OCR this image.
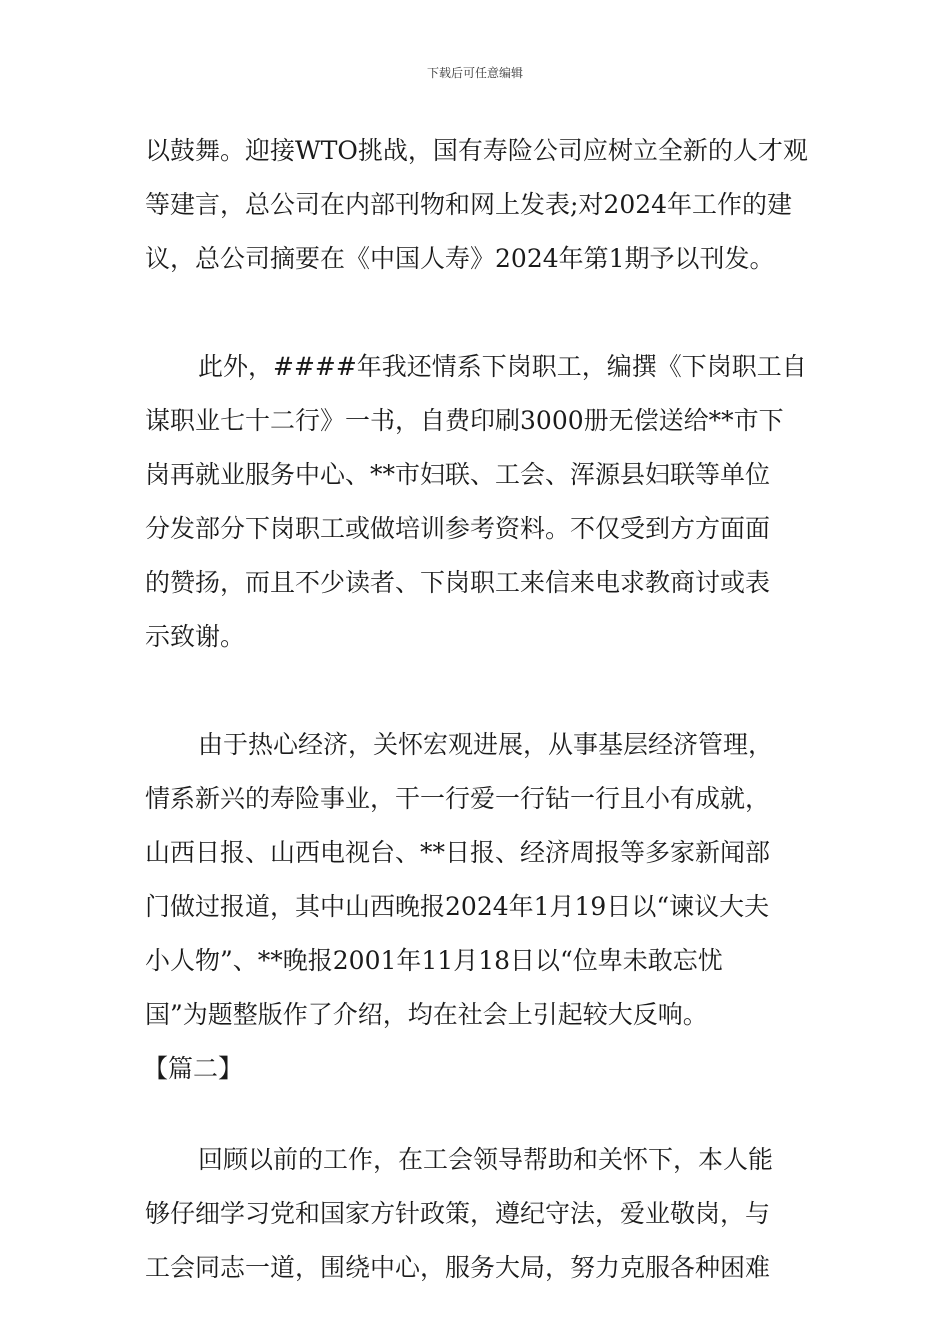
下载后可任意编辑
以鼓舞。迎接WTO挑战，国有寿险公司应树立全新的人才观
等建言，总公司在内部刊物和网上发表;对2024年工作的建
议，总公司摘要在《中国人寿》2024年第1期予以刊发。
此外，####年我还情系下岗职工，编撰《下岗职工自
谋职业七十二行》一书，自费印刷3000册无偿送给**市下
岗再就业服务中心、**市妇联、工会、浑源县妇联等单位
分发部分下岗职工或做培训参考资料。不仅受到方方面面
的赞扬，而且不少读者、下岗职工来信来电求教商讨或表
示致谢。
由于热心经济，关怀宏观进展，从事基层经济管理，
情系新兴的寿险事业，干一行爱一行钻一行且小有成就，
山西日报、山西电视台、**日报、经济周报等多家新闻部
门做过报道，其中山西晚报2024年1月19日以“谏议大夫
小人物”、**晚报2001年11月18日以“位卑未敢忘忧
国”为题整版作了介绍，均在社会上引起较大反响。
【篇二】
回顾以前的工作，在工会领导帮助和关怀下，本人能
够仔细学习党和国家方针政策，遵纪守法，爱业敬岗，与
工会同志一道，围绕中心，服务大局，努力克服各种困难
